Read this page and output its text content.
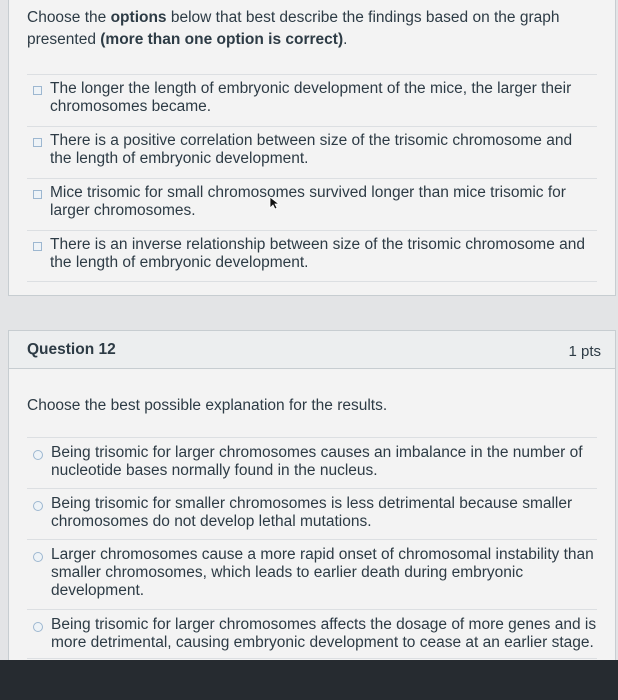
Choose the options below that best describe the findings based on the graph presented (more than one option is correct).
The longer the length of embryonic development of the mice, the larger their chromosomes became.
There is a positive correlation between size of the trisomic chromosome and the length of embryonic development.
Mice trisomic for small chromosomes survived longer than mice trisomic for larger chromosomes.
There is an inverse relationship between size of the trisomic chromosome and the length of embryonic development.
Question 12	1 pts
Choose the best possible explanation for the results.
Being trisomic for larger chromosomes causes an imbalance in the number of nucleotide bases normally found in the nucleus.
Being trisomic for smaller chromosomes is less detrimental because smaller chromosomes do not develop lethal mutations.
Larger chromosomes cause a more rapid onset of chromosomal instability than smaller chromosomes, which leads to earlier death during embryonic development.
Being trisomic for larger chromosomes affects the dosage of more genes and is more detrimental, causing embryonic development to cease at an earlier stage.
